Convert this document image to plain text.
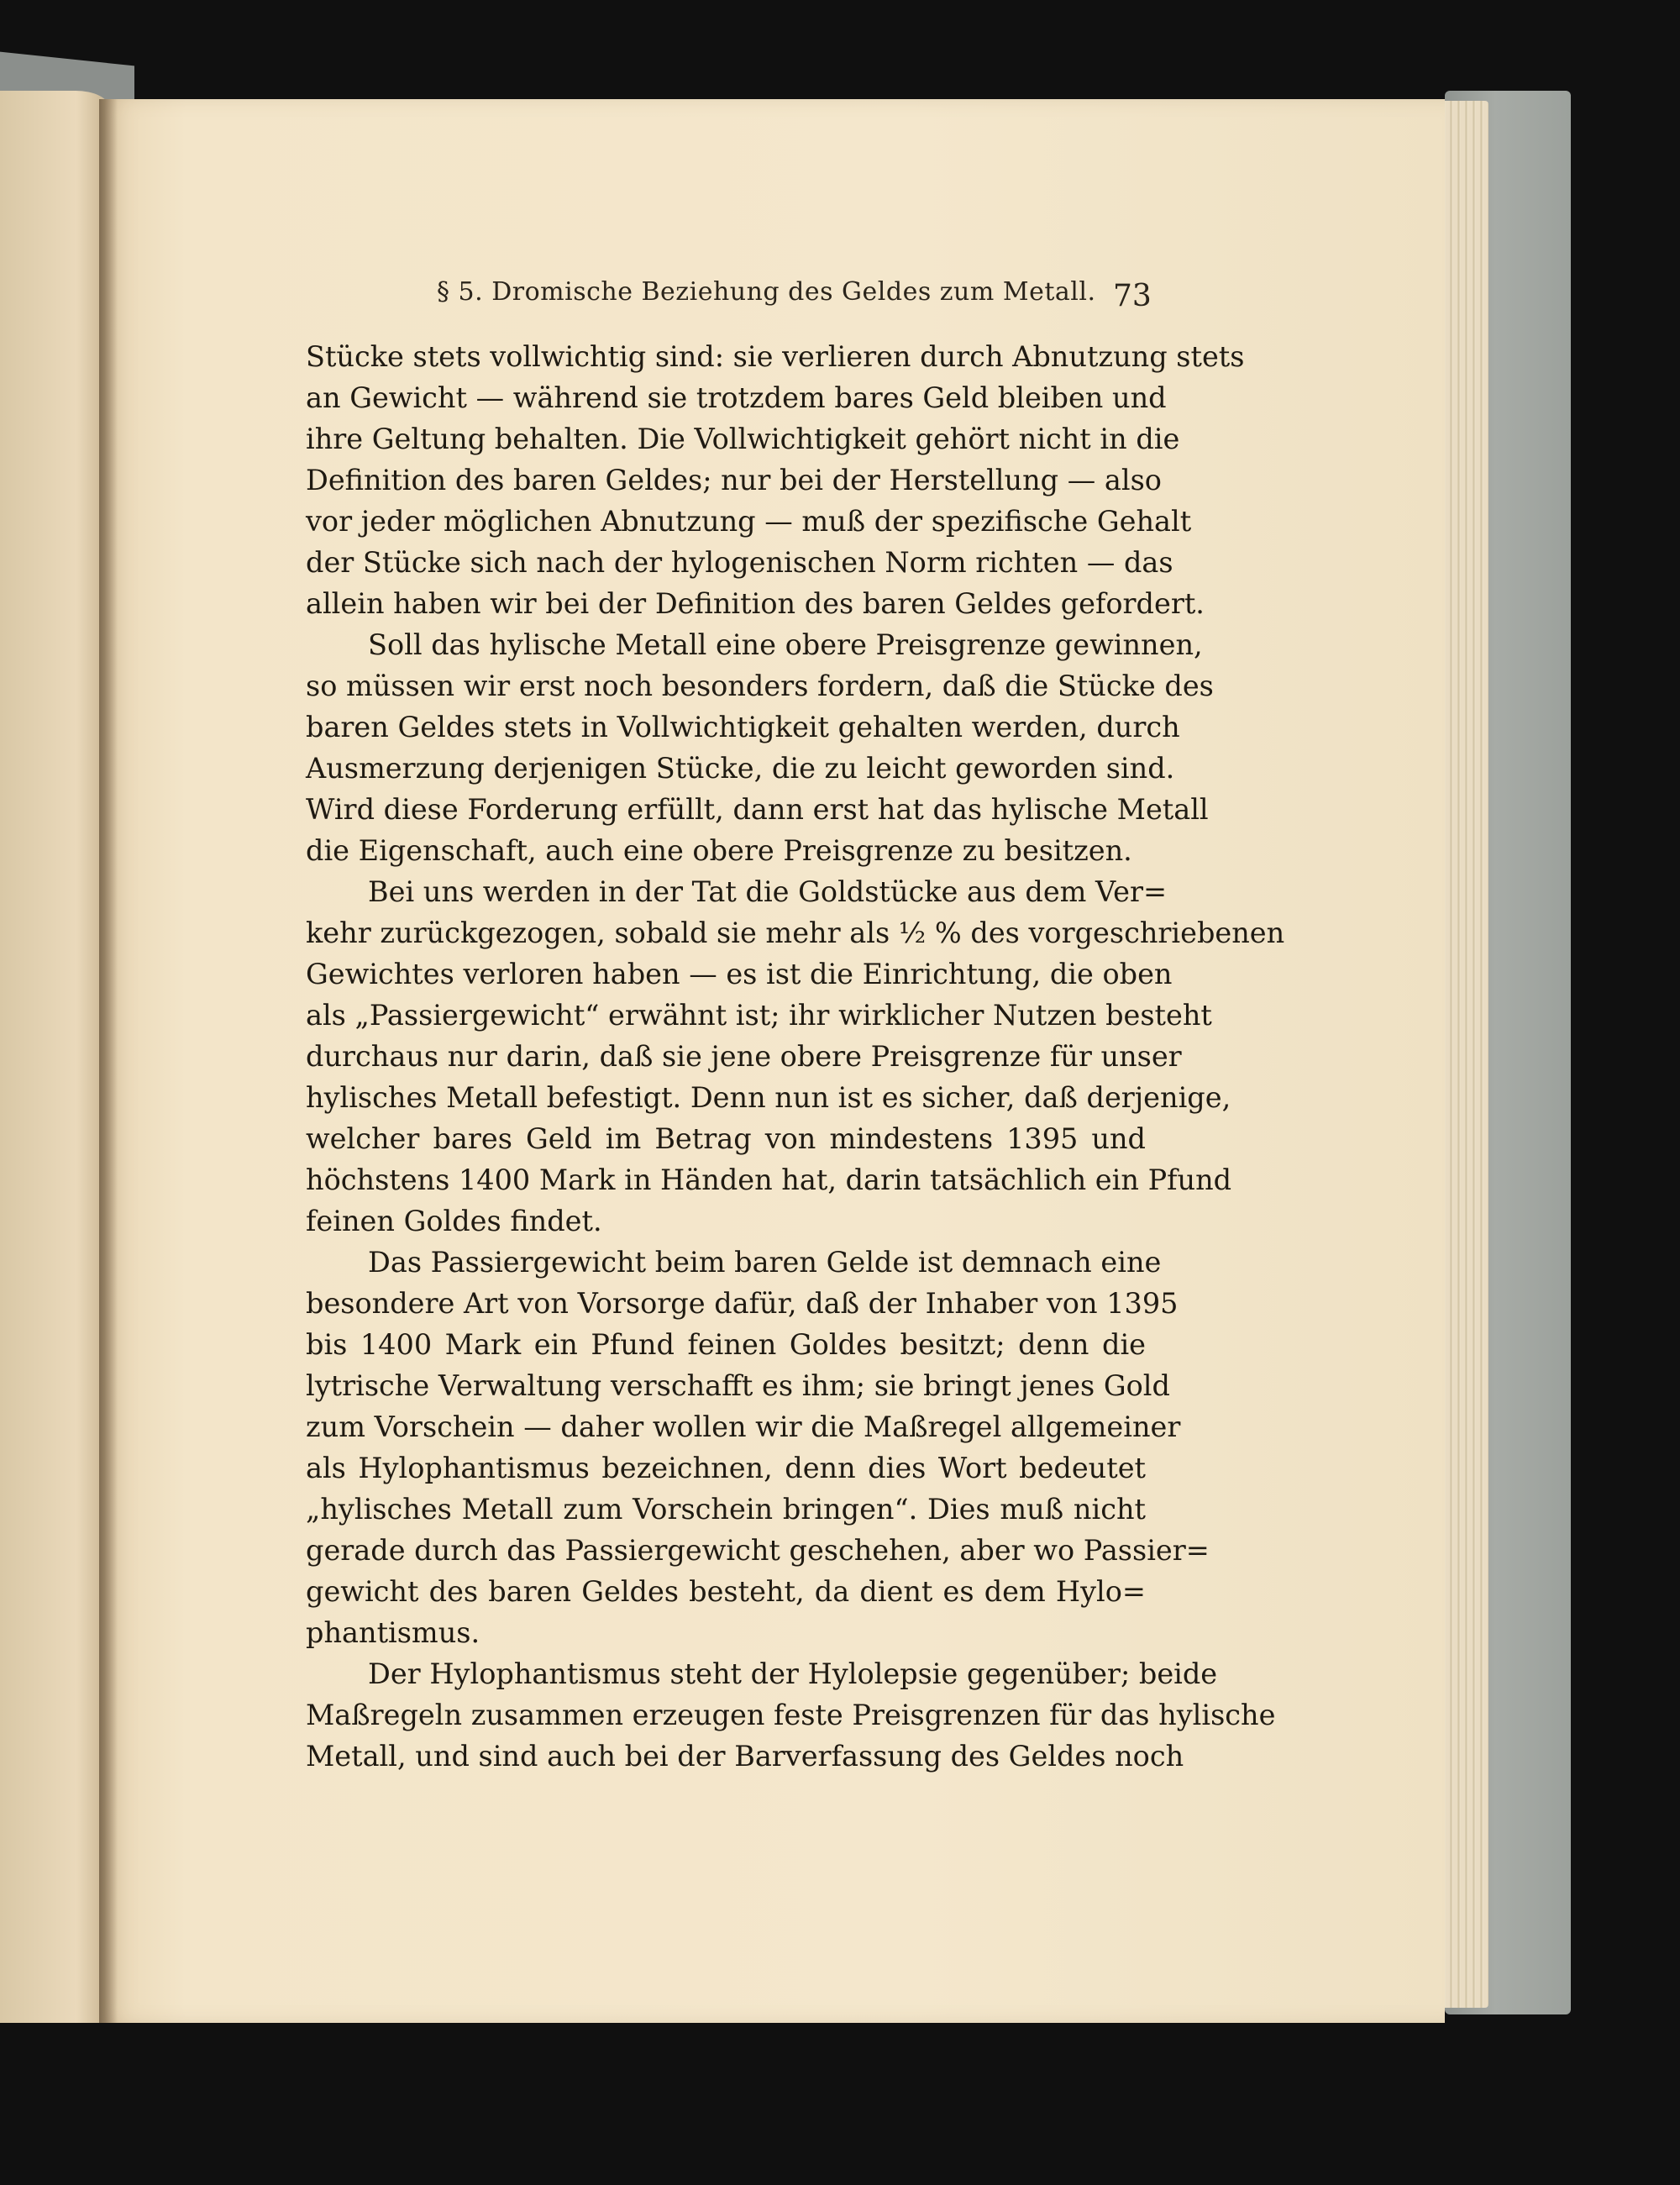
§ 5. Dromische Beziehung des Geldes zum Metall. 73
Stücke stets vollwichtig sind: sie verlieren durch Abnutzung stets
an Gewicht — während sie trotzdem bares Geld bleiben und
ihre Geltung behalten. Die Vollwichtigkeit gehört nicht in die
Definition des baren Geldes; nur bei der Herstellung — also
vor jeder möglichen Abnutzung — muß der spezifische Gehalt
der Stücke sich nach der hylogenischen Norm richten — das
allein haben wir bei der Definition des baren Geldes gefordert.
Soll das hylische Metall eine obere Preisgrenze gewinnen,
so müssen wir erst noch besonders fordern, daß die Stücke des
baren Geldes stets in Vollwichtigkeit gehalten werden, durch
Ausmerzung derjenigen Stücke, die zu leicht geworden sind.
Wird diese Forderung erfüllt, dann erst hat das hylische Metall
die Eigenschaft, auch eine obere Preisgrenze zu besitzen.
Bei uns werden in der Tat die Goldstücke aus dem Ver=
kehr zurückgezogen, sobald sie mehr als ½ % des vorgeschriebenen
Gewichtes verloren haben — es ist die Einrichtung, die oben
als „Passiergewicht“ erwähnt ist; ihr wirklicher Nutzen besteht
durchaus nur darin, daß sie jene obere Preisgrenze für unser
hylisches Metall befestigt. Denn nun ist es sicher, daß derjenige,
welcher bares Geld im Betrag von mindestens 1395 und
höchstens 1400 Mark in Händen hat, darin tatsächlich ein Pfund
feinen Goldes findet.
Das Passiergewicht beim baren Gelde ist demnach eine
besondere Art von Vorsorge dafür, daß der Inhaber von 1395
bis 1400 Mark ein Pfund feinen Goldes besitzt; denn die
lytrische Verwaltung verschafft es ihm; sie bringt jenes Gold
zum Vorschein — daher wollen wir die Maßregel allgemeiner
als Hylophantismus bezeichnen, denn dies Wort bedeutet
„hylisches Metall zum Vorschein bringen“. Dies muß nicht
gerade durch das Passiergewicht geschehen, aber wo Passier=
gewicht des baren Geldes besteht, da dient es dem Hylo=
phantismus.
Der Hylophantismus steht der Hylolepsie gegenüber; beide
Maßregeln zusammen erzeugen feste Preisgrenzen für das hylische
Metall, und sind auch bei der Barverfassung des Geldes noch
